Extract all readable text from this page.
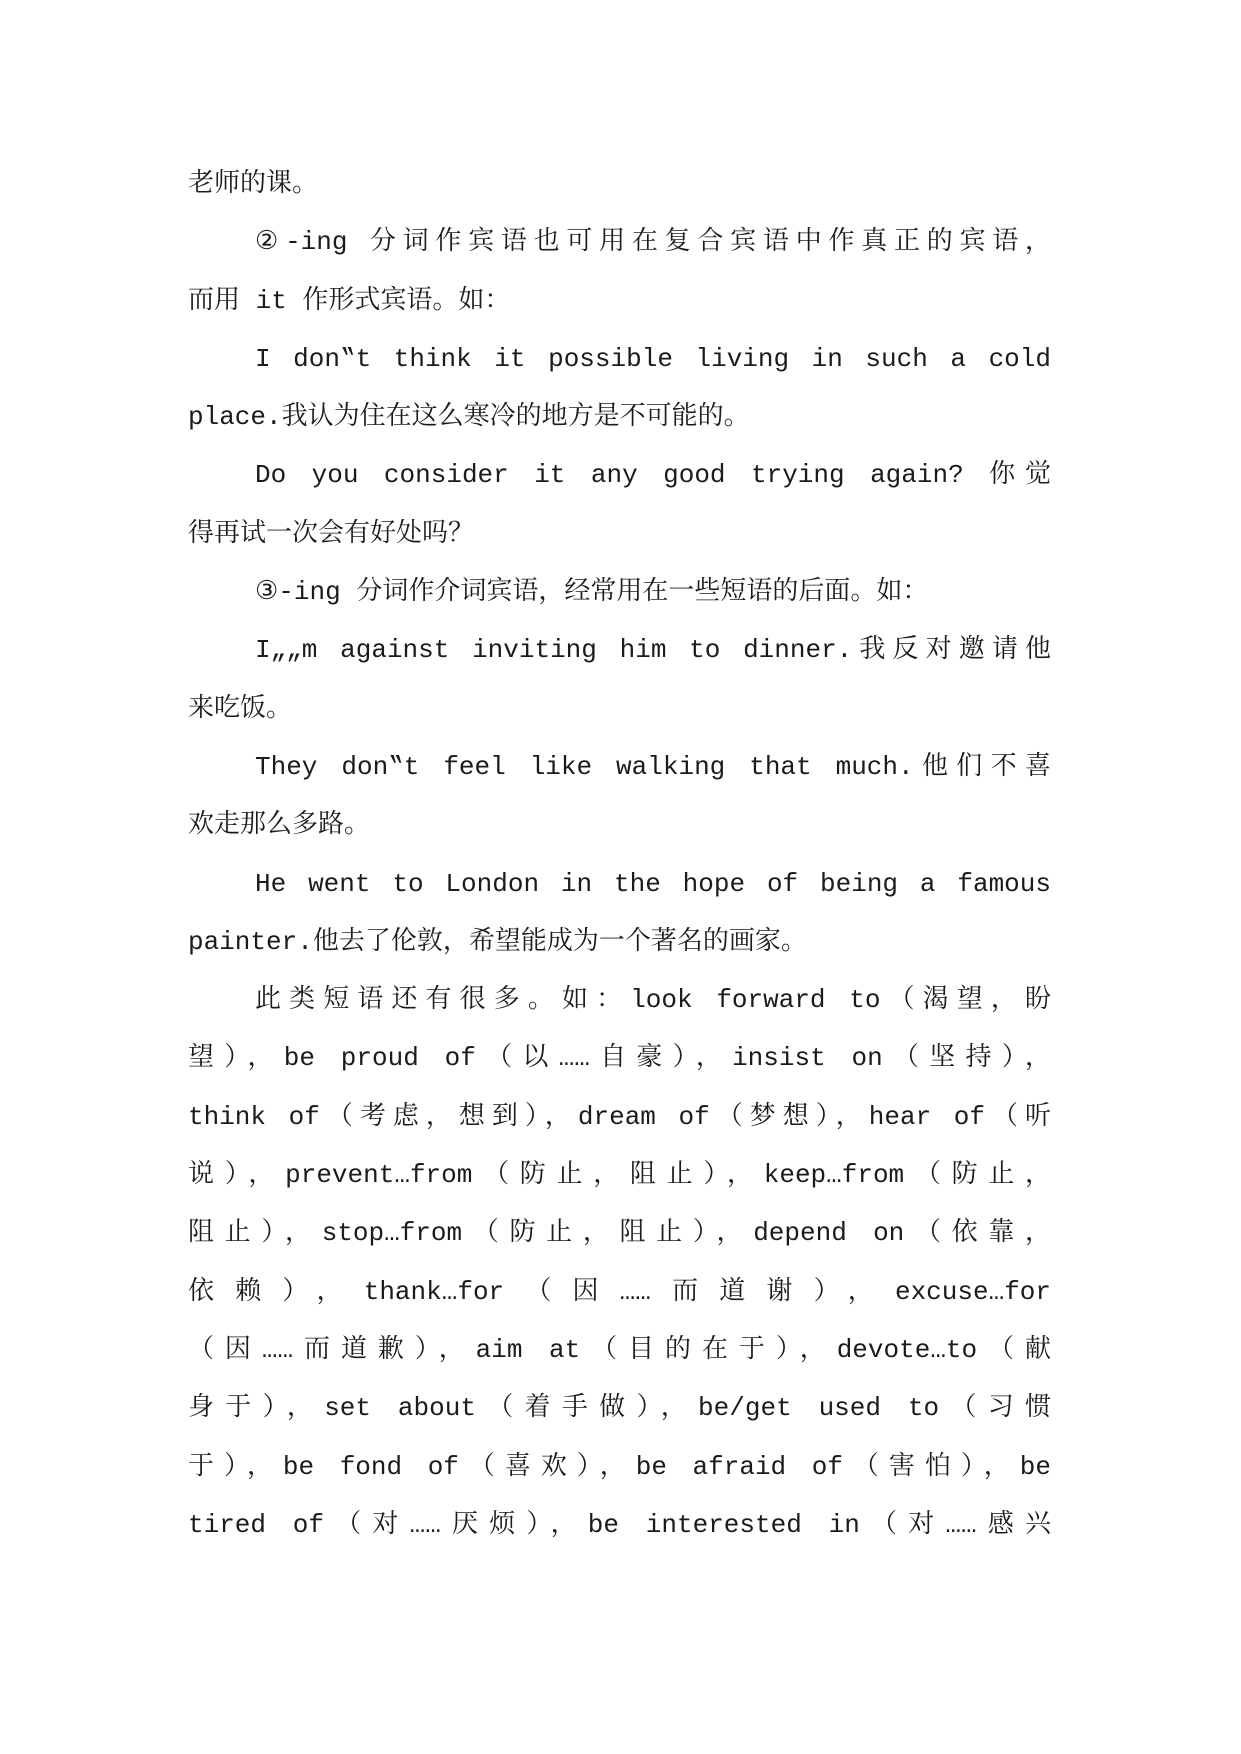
老师的课。
②-ing 分词作宾语也可用在复合宾语中作真正的宾语，
而用 it 作形式宾语。如：
I don‟t think it possible living in such a cold
place.我认为住在这么寒冷的地方是不可能的。
Do you consider it any good trying again? 你觉
得再试一次会有好处吗？
③-ing 分词作介词宾语，经常用在一些短语的后面。如：
I„„m against inviting him to dinner.我反对邀请他
来吃饭。
They don‟t feel like walking that much.他们不喜
欢走那么多路。
He went to London in the hope of being a famous
painter.他去了伦敦，希望能成为一个著名的画家。
此类短语还有很多。如：look forward to（渴望，盼
望），be proud of（以……自豪），insist on（坚持），
think of（考虑，想到），dream of（梦想），hear of（听
说），prevent…from（防止，阻止），keep…from（防止，
阻止），stop…from（防止，阻止），depend on（依靠，
依赖），thank…for（因……而道谢），excuse…for
（因……而道歉），aim at（目的在于），devote…to（献
身于），set about（着手做），be/get used to（习惯
于），be fond of（喜欢），be afraid of（害怕），be
tired of（对……厌烦），be interested in（对……感兴
